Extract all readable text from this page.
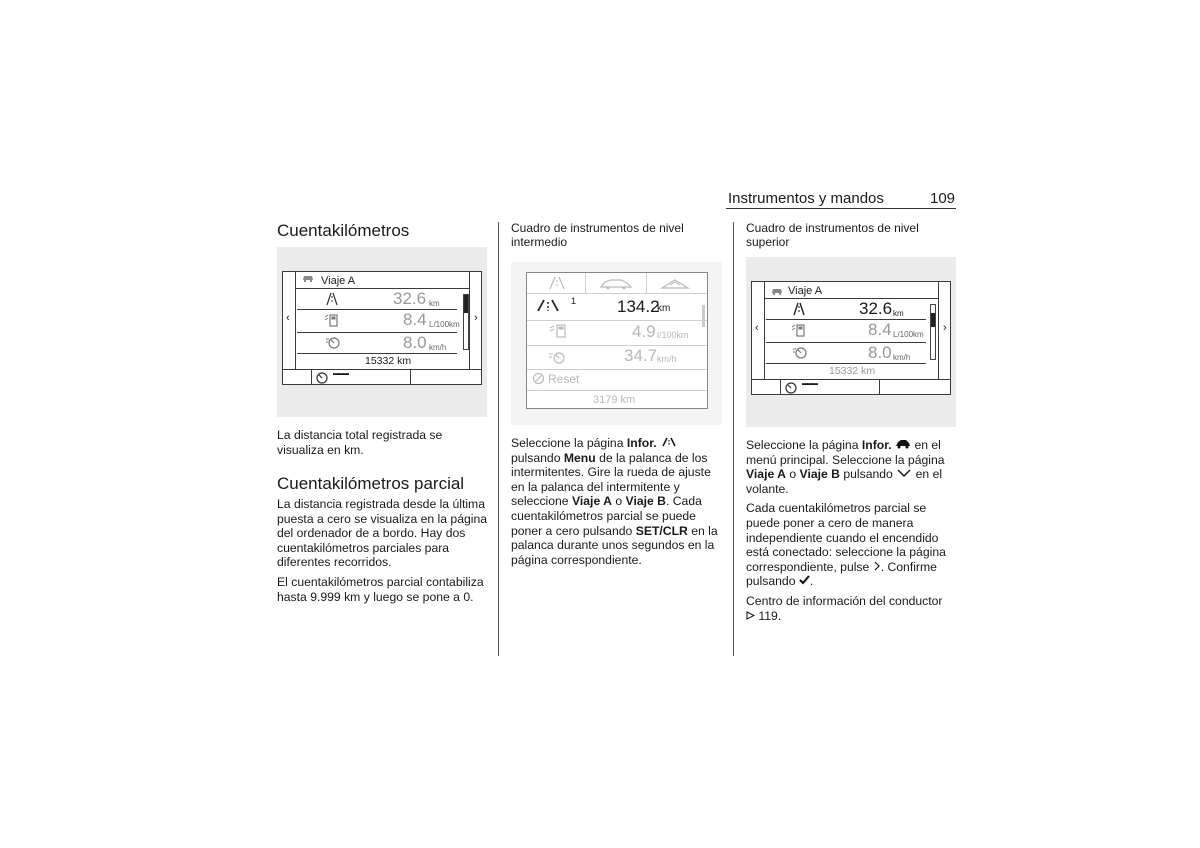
Instrumentos y mandos	109
Cuentakilómetros
Viaje A
‹	›
32.6 km
8.4 L/100km
8.0 km/h
15332 km
▬▬▬

La distancia total registrada se visualiza en km.

Cuentakilómetros parcial

La distancia registrada desde la última puesta a cero se visualiza en la página del ordenador de a bordo. Hay dos cuentakilómetros parciales para diferentes recorridos.

El cuentakilómetros parcial contabiliza hasta 9.999 km y luego se pone a 0.

Cuadro de instrumentos de nivel intermedio
1 134.2
km
4.9 l/100km
34.7 km/h
Reset
3179 km

Seleccione la página Infor.  pulsando Menu de la palanca de los intermitentes. Gire la rueda de ajuste en la palanca del intermitente y seleccione Viaje A o Viaje B. Cada cuentakilómetros parcial se puede poner a cero pulsando SET/CLR en la palanca durante unos segundos en la página correspondiente.

Cuadro de instrumentos de nivel superior
Viaje A
‹	›
32.6 km
8.4 L/100km
8.0 km/h
15332 km
▬▬▬

Seleccione la página Infor.  en el menú principal. Seleccione la página Viaje A o Viaje B pulsando  en el volante.

Cada cuentakilómetros parcial se puede poner a cero de manera independiente cuando el encendido está conectado: seleccione la página correspondiente, pulse . Confirme pulsando .

Centro de información del conductor
119.
